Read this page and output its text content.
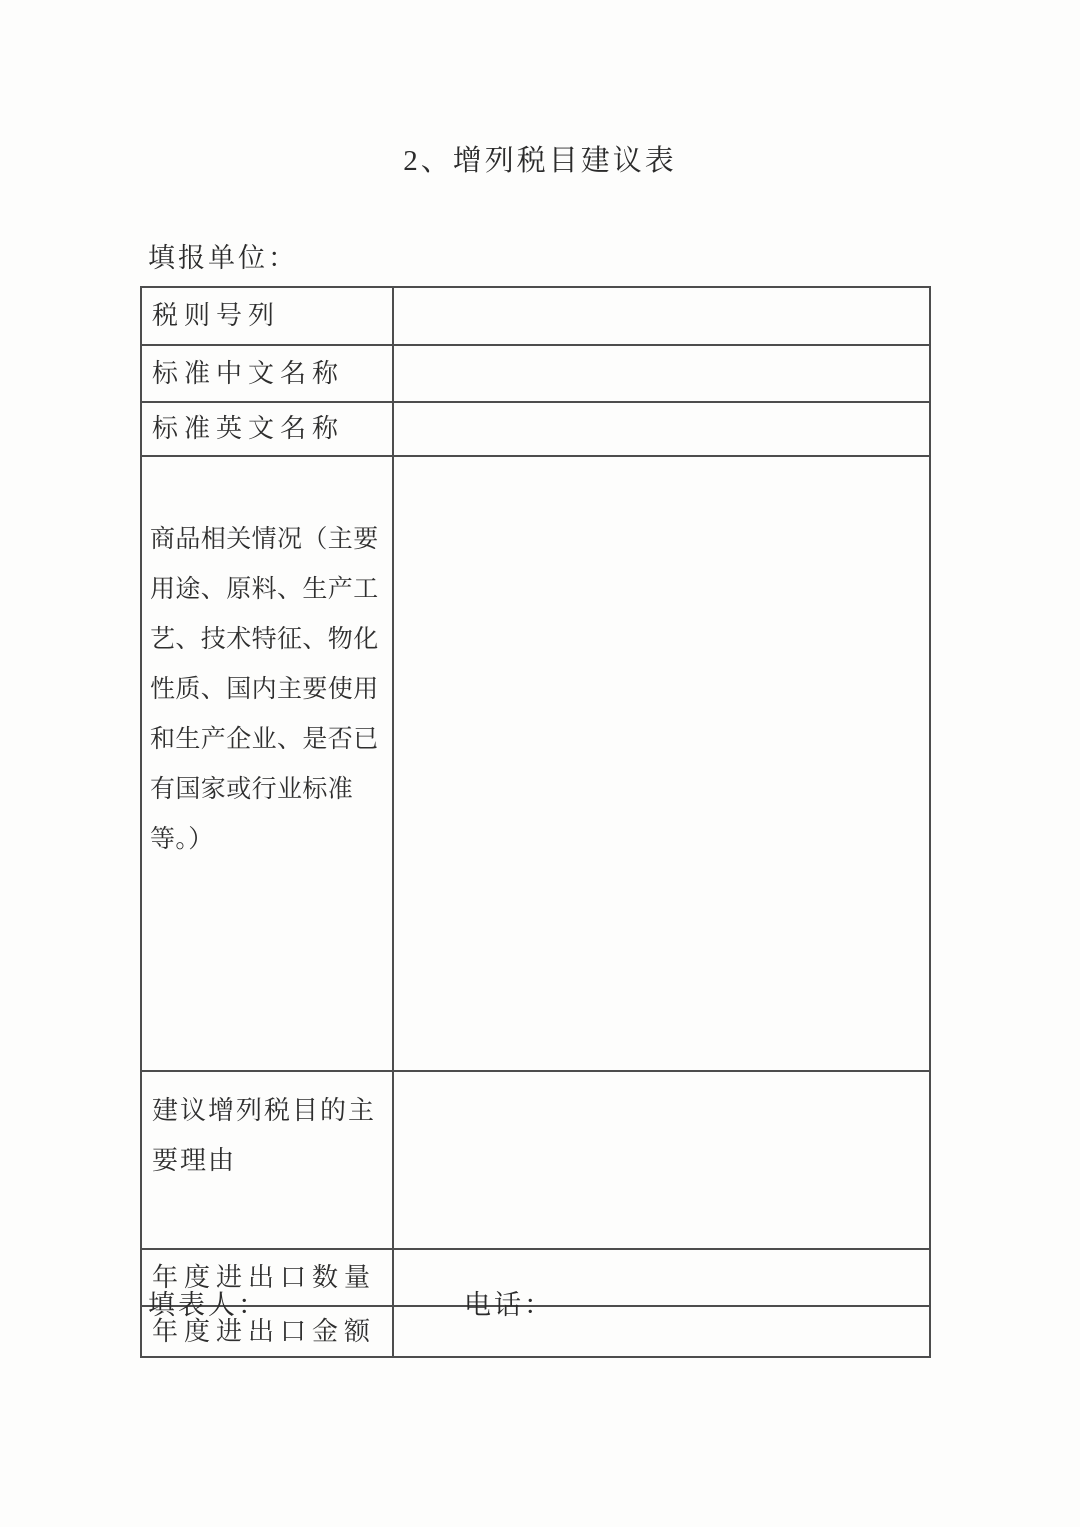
2、增列税目建议表
填报单位：
税则号列	
标准中文名称	
标准英文名称	
商品相关情况（主要用途、原料、生产工艺、技术特征、物化性质、国内主要使用和生产企业、是否已有国家或行业标准等。）	
建议增列税目的主要理由	
年度进出口数量	
年度进出口金额	
填表人：	电话：
